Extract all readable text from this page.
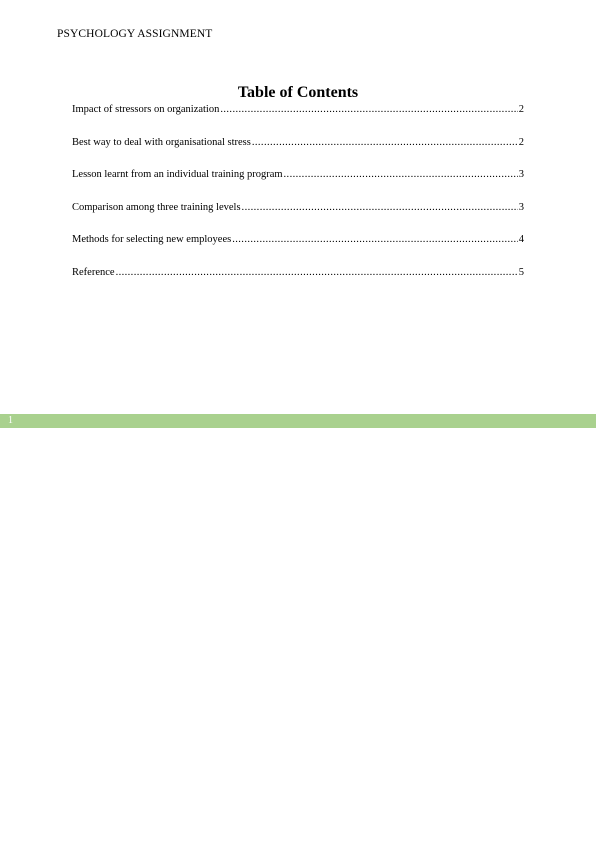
PSYCHOLOGY ASSIGNMENT
Table of Contents
Impact of stressors on organization .....	2
Best way to deal with organisational stress .....	2
Lesson learnt from an individual training program .....	3
Comparison among three training levels .....	3
Methods for selecting new employees .....	4
Reference .....	5
1
